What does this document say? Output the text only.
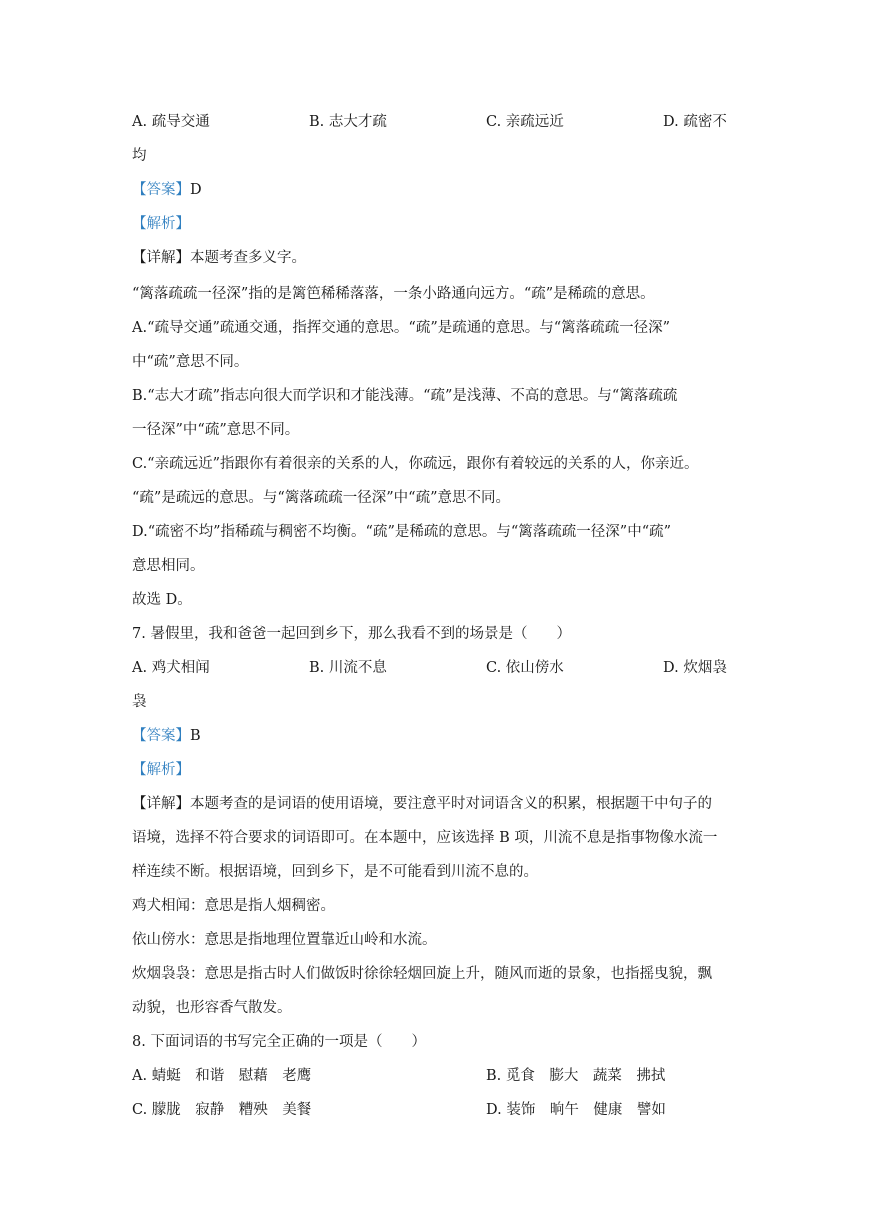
A. 疏导交通	B. 志大才疏	C. 亲疏远近	D. 疏密不
均
【答案】D
【解析】
【详解】本题考查多义字。
“篱落疏疏一径深”指的是篱笆稀稀落落，一条小路通向远方。“疏”是稀疏的意思。
A.“疏导交通”疏通交通，指挥交通的意思。“疏”是疏通的意思。与“篱落疏疏一径深”
中“疏”意思不同。
B.“志大才疏”指志向很大而学识和才能浅薄。“疏”是浅薄、不高的意思。与“篱落疏疏
一径深”中“疏”意思不同。
C.“亲疏远近”指跟你有着很亲的关系的人，你疏远，跟你有着较远的关系的人，你亲近。
“疏”是疏远的意思。与“篱落疏疏一径深”中“疏”意思不同。
D.“疏密不均”指稀疏与稠密不均衡。“疏”是稀疏的意思。与“篱落疏疏一径深”中“疏”
意思相同。
故选 D。
7. 暑假里，我和爸爸一起回到乡下，那么我看不到的场景是（　　）
A. 鸡犬相闻	B. 川流不息	C. 依山傍水	D. 炊烟袅
袅
【答案】B
【解析】
【详解】本题考查的是词语的使用语境，要注意平时对词语含义的积累，根据题干中句子的
语境，选择不符合要求的词语即可。在本题中，应该选择 B 项，川流不息是指事物像水流一
样连续不断。根据语境，回到乡下，是不可能看到川流不息的。
鸡犬相闻：意思是指人烟稠密。
依山傍水：意思是指地理位置靠近山岭和水流。
炊烟袅袅：意思是指古时人们做饭时徐徐轻烟回旋上升，随风而逝的景象，也指摇曳貌，飘
动貌，也形容香气散发。
8. 下面词语的书写完全正确的一项是（　　）
A. 蜻蜓　和谐　慰藉　老鹰	B. 觅食　膨大　蔬菜　拂拭
C. 朦胧　寂静　糟殃　美餐	D. 装饰　晌午　健康　譬如
